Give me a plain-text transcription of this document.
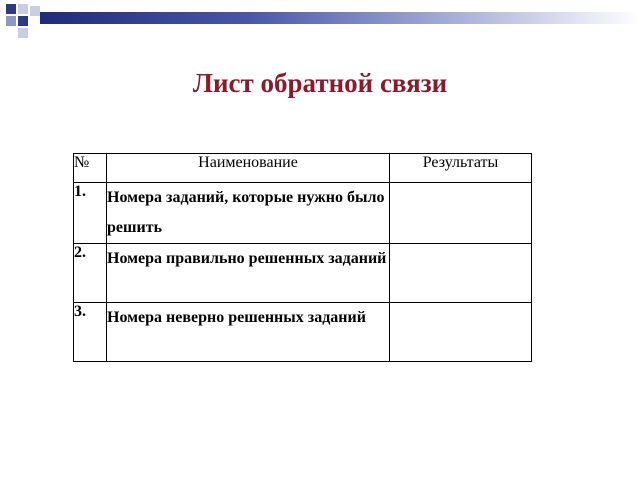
Лист обратной связи
№	Наименование	Результаты
1.	Номера заданий, которые нужно было решить	
2.	Номера правильно решенных заданий	
3.	Номера неверно решенных заданий	
